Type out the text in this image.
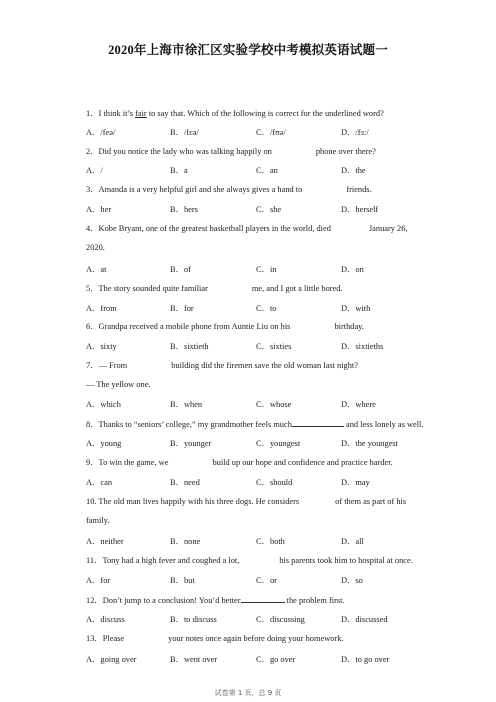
2020年上海市徐汇区实验学校中考模拟英语试题一
1．I think it’s fair to say that. Which of the following is correct for the underlined word?
A．/feə/	B．/fεə/	C．/fʊə/	D．/fɜ:/
2．Did you notice the lady who was talking happily on	phone over there?
A．/	B．a	C．an	D．the
3．Amanda is a very helpful girl and she always gives a hand to	friends.
A．her	B．hers	C．she	D．herself
4．Kobe Bryant, one of the greatest basketball players in the world, died	January 26,
2020.
A．at	B．of	C．in	D．on
5．The story sounded quite familiar	me, and I got a little bored.
A．from	B．for	C．to	D．with
6．Grandpa received a mobile phone from Auntie Liu on his	birthday.
A．sixty	B．sixtieth	C．sixties	D．sixtieths
7．— From	building did the firemen save the old woman last night?
— The yellow one.
A．which	B．when	C．whose	D．where
8．Thanks to “seniors’ college,” my grandmother feels much	and less lonely as well.
A．young	B．younger	C．youngest	D．the youngest
9．To win the game, we	build up our hope and confidence and practice harder.
A．can	B．need	C．should	D．may
10. The old man lives happily with his three dogs. He considers	of them as part of his
family.
A．neither	B．none	C．both	D．all
11．Tony had a high fever and coughed a lot,	his parents took him to hospital at once.
A．for	B．but	C．or	D．so
12．Don’t jump to a conclusion! You’d better	the problem first.
A．discuss	B．to discuss	C．discussing	D．discussed
13．Please	your notes once again before doing your homework.
A．going over	B．went over	C．go over	D．to go over
试卷第 1 页，总 9 页
